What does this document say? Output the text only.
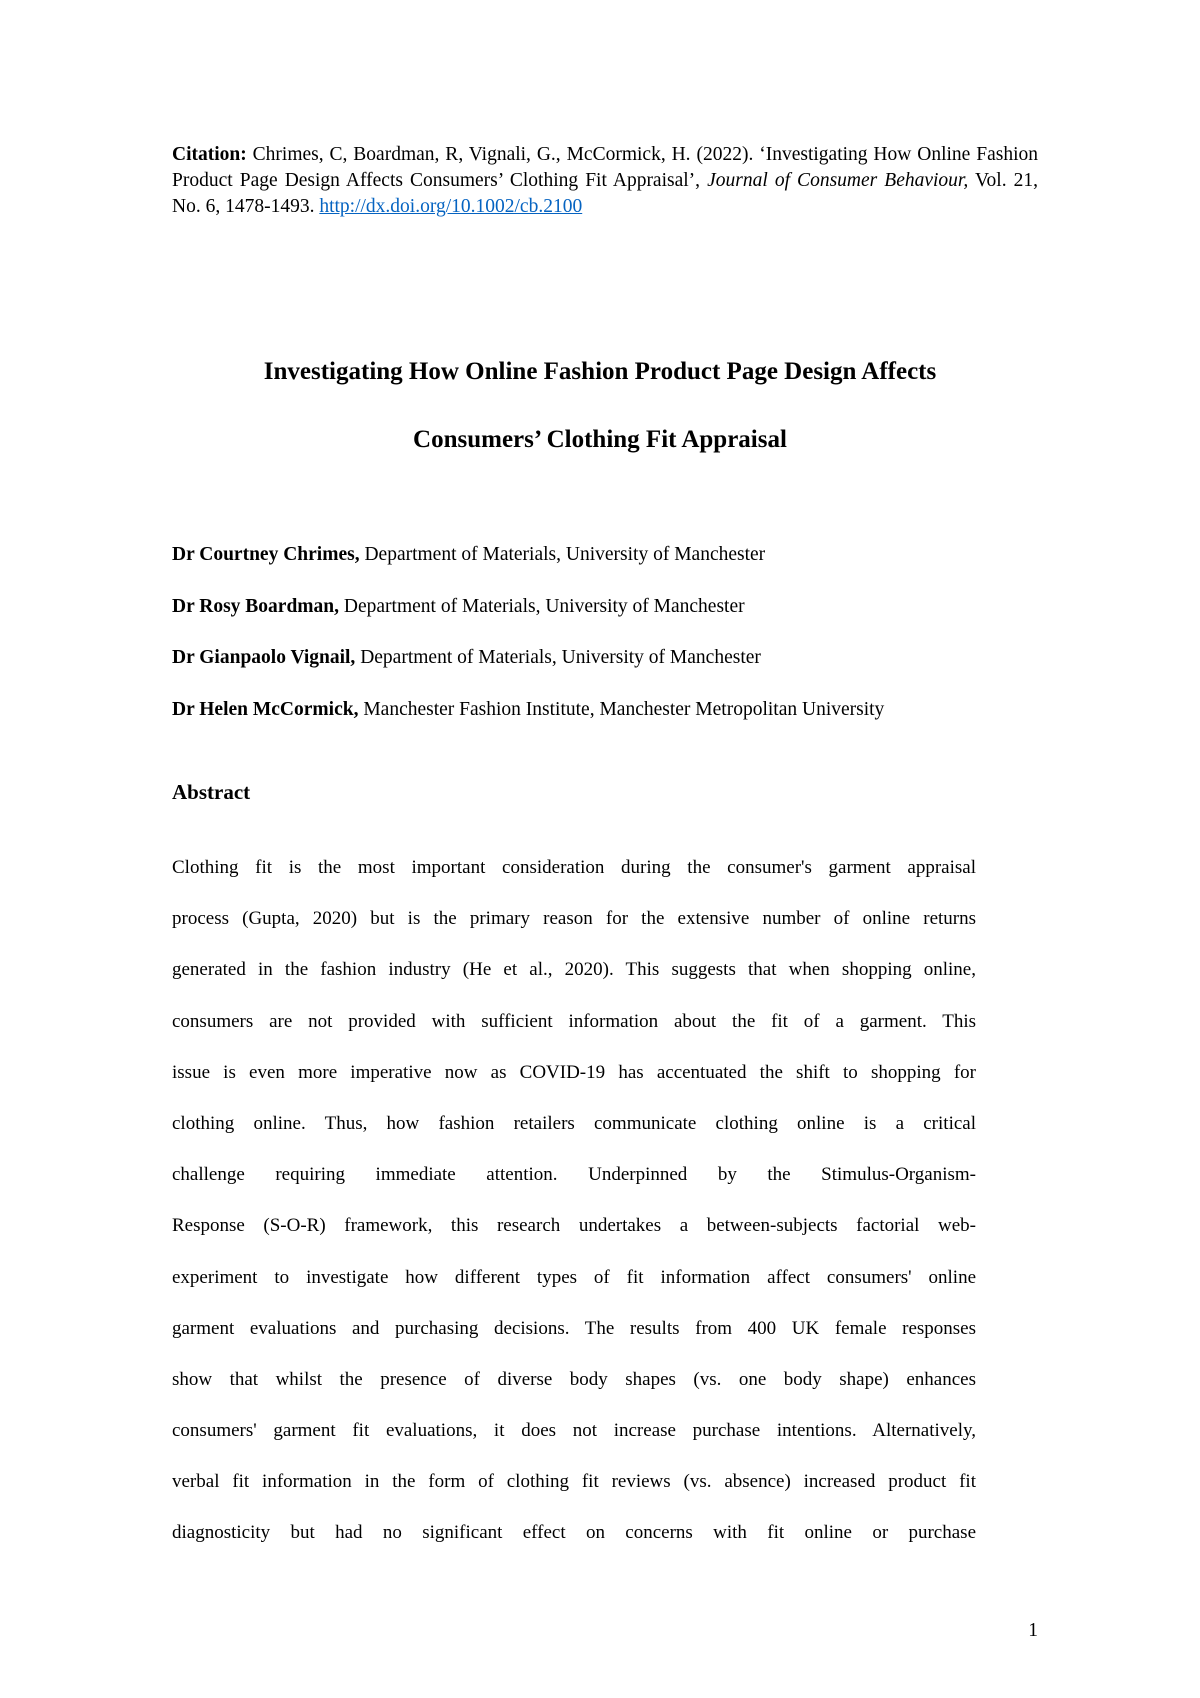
Citation: Chrimes, C, Boardman, R, Vignali, G., McCormick, H. (2022). ‘Investigating How Online Fashion Product Page Design Affects Consumers’ Clothing Fit Appraisal’, Journal of Consumer Behaviour, Vol. 21, No. 6, 1478-1493. http://dx.doi.org/10.1002/cb.2100
Investigating How Online Fashion Product Page Design Affects
Consumers’ Clothing Fit Appraisal
Dr Courtney Chrimes, Department of Materials, University of Manchester
Dr Rosy Boardman, Department of Materials, University of Manchester
Dr Gianpaolo Vignail, Department of Materials, University of Manchester
Dr Helen McCormick, Manchester Fashion Institute, Manchester Metropolitan University
Abstract
Clothing fit is the most important consideration during the consumer's garment appraisal
process (Gupta, 2020) but is the primary reason for the extensive number of online returns
generated in the fashion industry (He et al., 2020). This suggests that when shopping online,
consumers are not provided with sufficient information about the fit of a garment. This
issue is even more imperative now as COVID-19 has accentuated the shift to shopping for
clothing online. Thus, how fashion retailers communicate clothing online is a critical
challenge requiring immediate attention. Underpinned by the Stimulus-Organism-
Response (S-O-R) framework, this research undertakes a between-subjects factorial web-
experiment to investigate how different types of fit information affect consumers' online
garment evaluations and purchasing decisions. The results from 400 UK female responses
show that whilst the presence of diverse body shapes (vs. one body shape) enhances
consumers' garment fit evaluations, it does not increase purchase intentions. Alternatively,
verbal fit information in the form of clothing fit reviews (vs. absence) increased product fit
diagnosticity but had no significant effect on concerns with fit online or purchase
1
